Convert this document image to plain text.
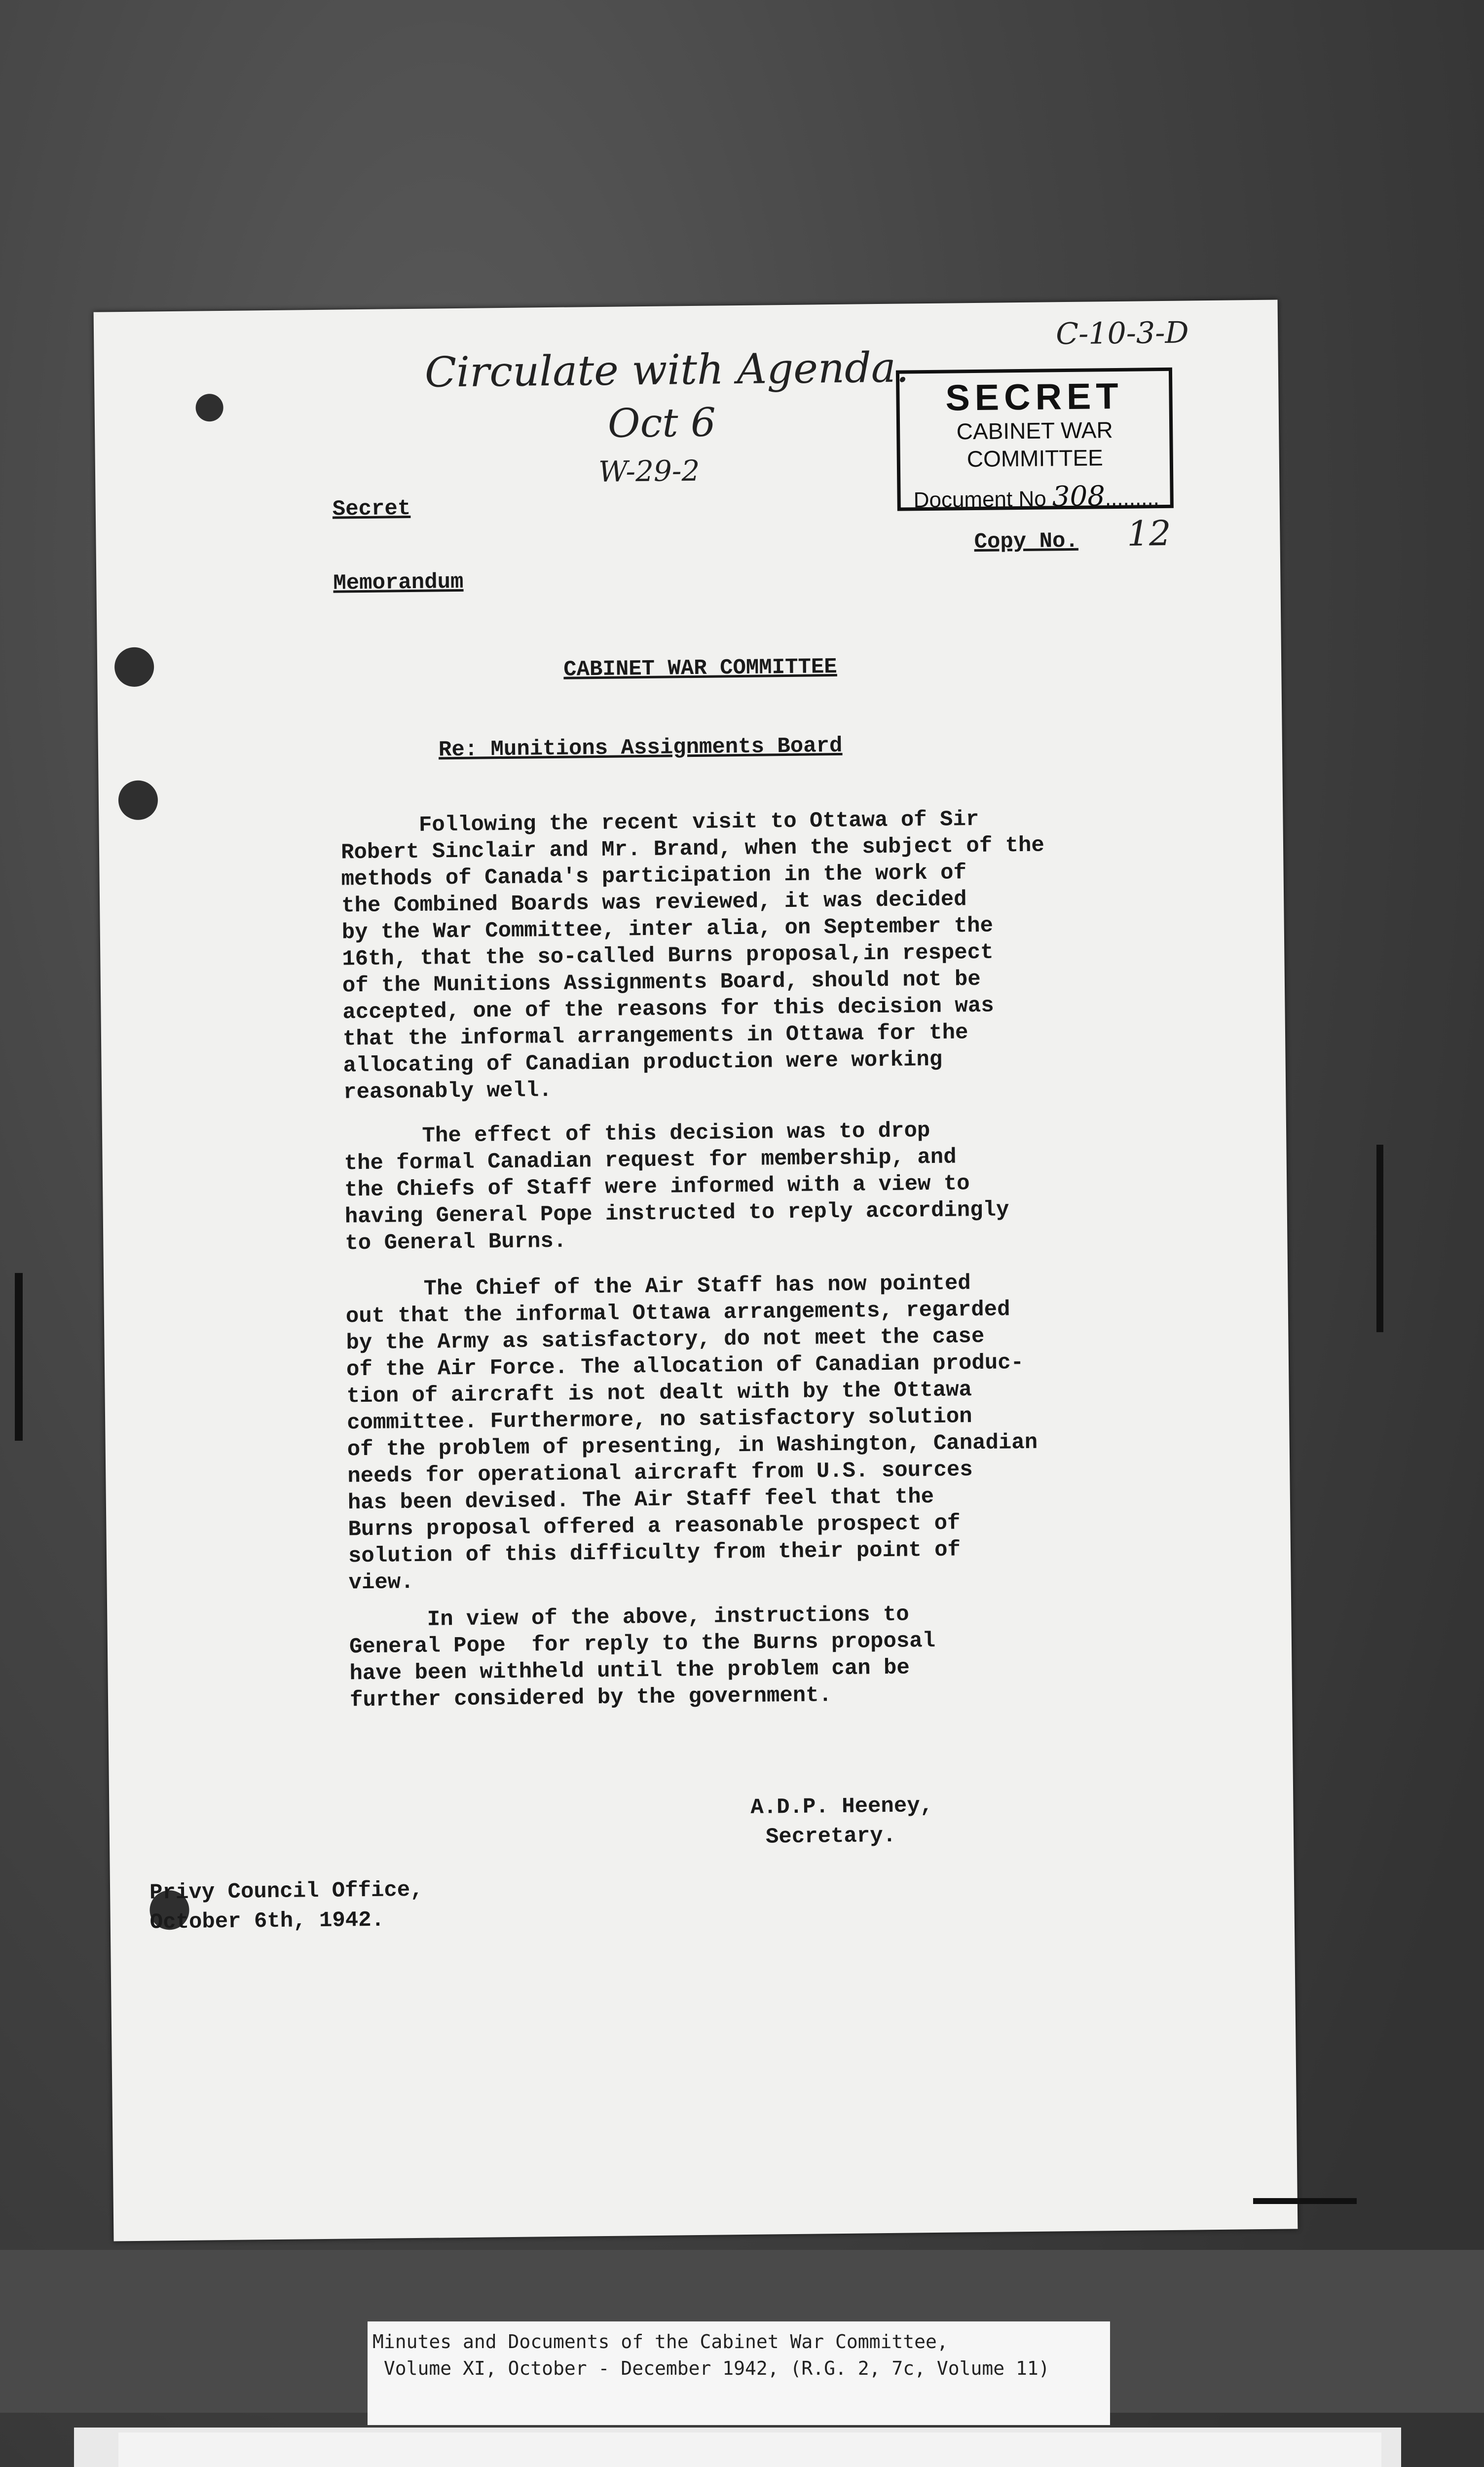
Circulate with Agenda.
Oct 6
W-29-2
C-10-3-D
SECRET
CABINET WAR COMMITTEE
Document No 308.........
Secret
Copy No. 12
Memorandum
CABINET WAR COMMITTEE
Re: Munitions Assignments Board
Following the recent visit to Ottawa of Sir
Robert Sinclair and Mr. Brand, when the subject of the
methods of Canada's participation in the work of
the Combined Boards was reviewed, it was decided
by the War Committee, inter alia, on September the
16th, that the so-called Burns proposal,in respect
of the Munitions Assignments Board, should not be
accepted, one of the reasons for this decision was
that the informal arrangements in Ottawa for the
allocating of Canadian production were working
reasonably well.
The effect of this decision was to drop
the formal Canadian request for membership, and
the Chiefs of Staff were informed with a view to
having General Pope instructed to reply accordingly
to General Burns.
The Chief of the Air Staff has now pointed
out that the informal Ottawa arrangements, regarded
by the Army as satisfactory, do not meet the case
of the Air Force. The allocation of Canadian produc-
tion of aircraft is not dealt with by the Ottawa
committee. Furthermore, no satisfactory solution
of the problem of presenting, in Washington, Canadian
needs for operational aircraft from U.S. sources
has been devised. The Air Staff feel that the
Burns proposal offered a reasonable prospect of
solution of this difficulty from their point of
view.
In view of the above, instructions to
General Pope  for reply to the Burns proposal
have been withheld until the problem can be
further considered by the government.
A.D.P. Heeney,
Secretary.
Privy Council Office,
October 6th, 1942.
Minutes and Documents of the Cabinet War Committee,
Volume XI, October - December 1942, (R.G. 2, 7c, Volume 11)
